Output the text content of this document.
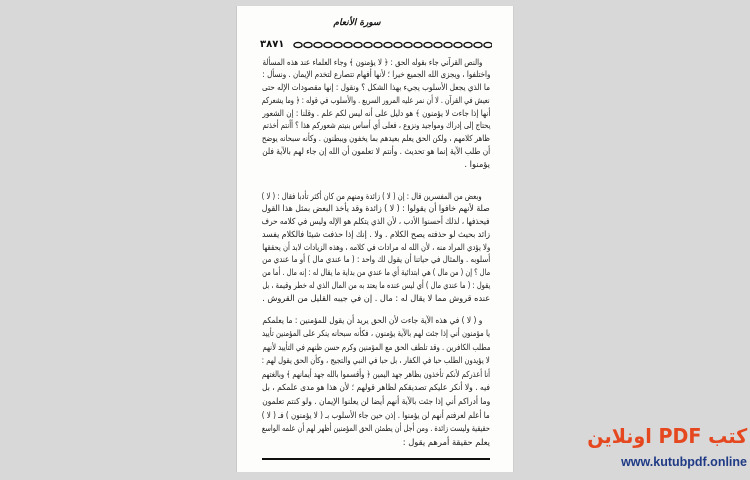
سورة الأنعام
٣٨٧١
والنص القرآني جاء بقوله الحق : ﴿ لا يؤمنون ﴾ وجاء العلماء عند هذه المسألة
واختلفوا ، ويجزى الله الجميع خيرا ؛ لأنها أفهام تتصارع لتخدم الإيمان . ونسأل :
ما الذي يجعل الأسلوب يجيء بهذا الشكل ؟ ونقول : إنها مقصودات الإله حتى
نعيش في القرآن . لا أن نمر عليه المرور السريع . والأسلوب في قوله : ﴿ وما يشعركم
أنها إذا جاءت لا يؤمنون ﴾ هو دليل على أنه ليس لكم علم . وقلنا : إن الشعور
يحتاج إلى إدراك ومواجيد ونزوع ، فعلى أي أساس بنيتم شعوركم هذا ؟ أأنتم أخذتم
ظاهر كلامهم ، ولكن الحق يعلم بعيدهم بما يخفون ويبطنون . وكأنه سبحانه يوضح
أن طلب الآية إنما هو تحديث . وأنتم لا تعلمون أن الله إن جاء لهم بالآية فلن
يؤمنوا .
وبعض من المفسرين قال : إن ( لا ) زائدة ومنهم من كان أكثر تأدبا فقال : ( لا )
صلة لأنهم خافوا أن يقولوا : ( لا ) زائدة وقد يأخذ البعض بمثل هذا القول
فيحذفها ، لذلك أحسنوا الأدب ، لأن الذي يتكلم هو الإله وليس في كلامه حرف
زائد بحيث لو حذفته يصح الكلام . ولا . إنك إذا حذفت شيئا فالكلام يفسد
ولا يؤدي المراد منه ، لأن الله له مرادات في كلامه ، وهذه الزيادات لابد أن يحققها
أسلوبه . والمثال في حياتنا أن يقول لك واحد : ( ما عندي مال ) أو ما عندي من
مال ؟ إن ( من مال ) هي ابتدائية أي ما عندي من بداية ما يقال له : إنه مال . أما من
يقول : ( ما عندي مال ) أي ليس عنده ما يعتد به من المال الذي له خطر وقيمة ، بل
عنده قروش مما لا يقال له : مال . إن في جيبه القليل من القروش .
و ( لا ) في هذه الآية جاءت لأن الحق يريد أن يقول للمؤمنين : ما يعلمكم
يا مؤمنون أني إذا جئت لهم بالآية يؤمنون ، فكأنه سبحانه ينكر على المؤمنين تأييد
مطلب الكافرين . وقد تلطف الحق مع المؤمنين وكرم حسن ظنهم في التأييد لأنهم
لا يؤيدون الطلب حبا في الكفار ، بل حبا في النبي والتجيج ، وكأن الحق يقول لهم :
أنا أعذركم لأنكم تأخذون بظاهر جهد اليمين ﴿ وأقسموا بالله جهد أيمانهم ﴾ وبالغتهم
فيه . ولا أنكر عليكم تصديقكم لظاهر قولهم ؛ لأن هذا هو مدى علمكم ، بل
وما أدراكم أني إذا جئت بالآية أنهم أيضا لن يعلنوا الإيمان . ولو كنتم تعلمون
ما أعلم لعرفتم أنهم لن يؤمنوا . إذن حين جاء الأسلوب بـ ( لا يؤمنون ) فـ ( لا )
حقيقية وليست زائدة . ومن أجل أن يطمئن الحق المؤمنين أظهر لهم أن علمه الواسع
يعلم حقيقة أمرهم يقول :	كتب PDF اونلاين
www.kutubpdf.online
